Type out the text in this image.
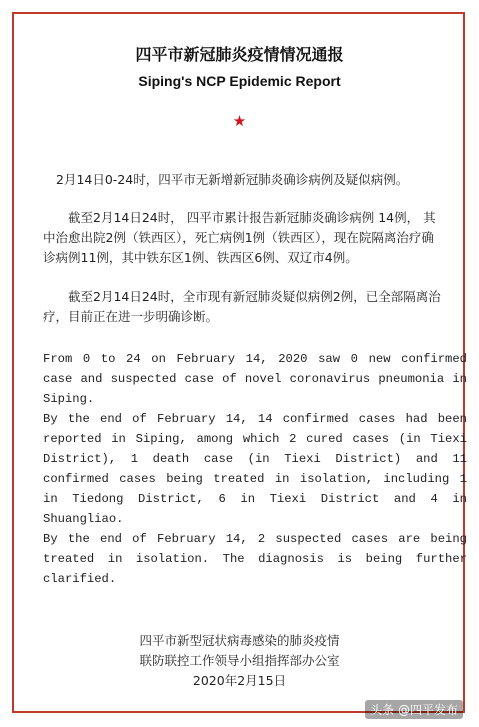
四平市新冠肺炎疫情情况通报
Siping's NCP Epidemic Report
★
2月14日0-24时，四平市无新增新冠肺炎确诊病例及疑似病例。
截至2月14日24时， 四平市累计报告新冠肺炎确诊病例 14例， 其中治愈出院2例（铁西区），死亡病例1例（铁西区），现在院隔离治疗确诊病例11例，其中铁东区1例、铁西区6例、双辽市4例。
截至2月14日24时，全市现有新冠肺炎疑似病例2例，已全部隔离治疗，目前正在进一步明确诊断。

From 0 to 24 on February 14, 2020 saw 0 new confirmed case and suspected case of novel coronavirus pneumonia in Siping.

By the end of February 14, 14 confirmed cases had been reported in Siping, among which 2 cured cases (in Tiexi District), 1 death case (in Tiexi District) and 11 confirmed cases being treated in isolation, including 1 in Tiedong District, 6 in Tiexi District and 4 in Shuangliao.

By the end of February 14, 2 suspected cases are being treated in isolation. The diagnosis is being further clarified.

四平市新型冠状病毒感染的肺炎疫情
联防联控工作领导小组指挥部办公室
2020年2月15日
头条 @四平发布
